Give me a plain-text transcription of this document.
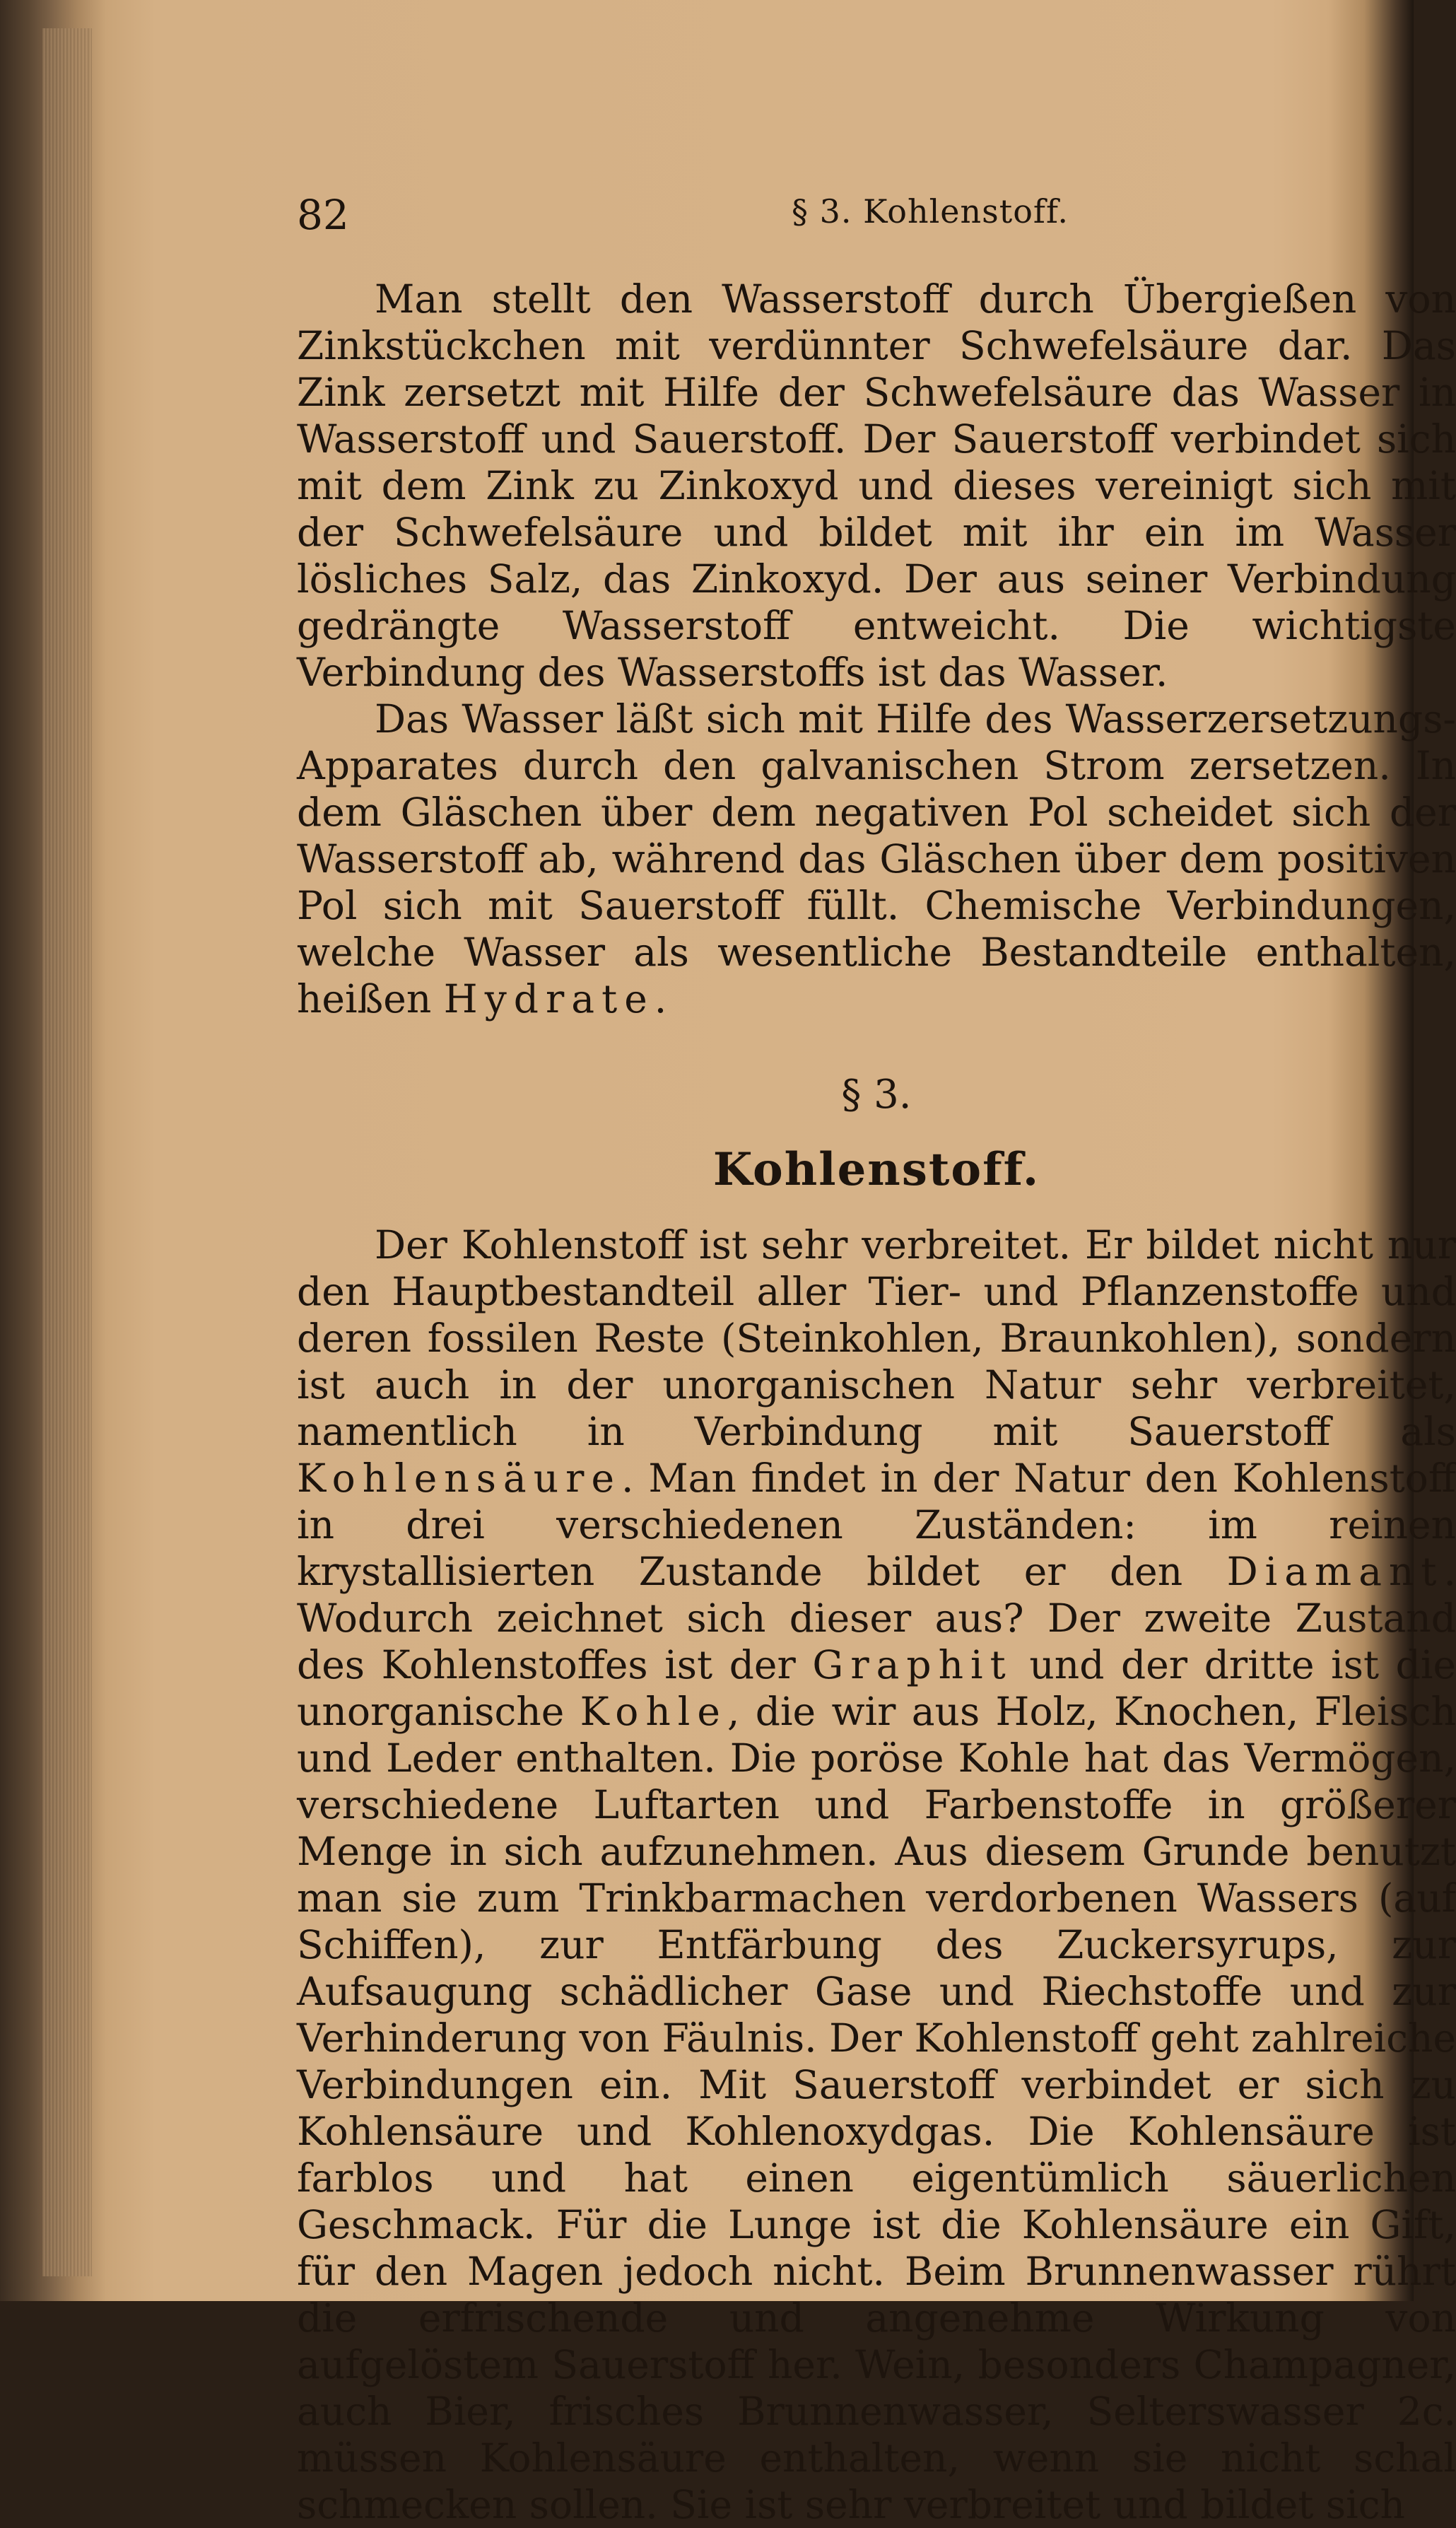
82	§ 3. Kohlenstoff.

Man stellt den Wasserstoff durch Übergießen von Zinkstückchen mit verdünnter Schwefelsäure dar. Das Zink zersetzt mit Hilfe der Schwefelsäure das Wasser in Wasserstoff und Sauerstoff. Der Sauerstoff verbindet sich mit dem Zink zu Zinkoxyd und dieses vereinigt sich mit der Schwefelsäure und bildet mit ihr ein im Wasser lösliches Salz, das Zinkoxyd. Der aus seiner Verbindung gedrängte Wasserstoff entweicht. Die wichtigste Verbindung des Wasserstoffs ist das Wasser.

Das Wasser läßt sich mit Hilfe des Wasserzersetzungs-Apparates durch den galvanischen Strom zersetzen. In dem Gläschen über dem negativen Pol scheidet sich der Wasserstoff ab, während das Gläschen über dem positiven Pol sich mit Sauerstoff füllt. Chemische Verbindungen, welche Wasser als wesentliche Bestandteile enthalten, heißen Hydrate.

§ 3.
Kohlenstoff.

Der Kohlenstoff ist sehr verbreitet. Er bildet nicht nur den Hauptbestandteil aller Tier- und Pflanzenstoffe und deren fossilen Reste (Steinkohlen, Braunkohlen), sondern ist auch in der unorganischen Natur sehr verbreitet, namentlich in Verbindung mit Sauerstoff als Kohlensäure. Man findet in der Natur den Kohlenstoff in drei verschiedenen Zuständen: im reinen krystallisierten Zustande bildet er den Diamant. Wodurch zeichnet sich dieser aus? Der zweite Zustand des Kohlenstoffes ist der Graphit und der dritte ist die unorganische Kohle, die wir aus Holz, Knochen, Fleisch und Leder enthalten. Die poröse Kohle hat das Vermögen, verschiedene Luftarten und Farbenstoffe in größerer Menge in sich aufzunehmen. Aus diesem Grunde benutzt man sie zum Trinkbarmachen verdorbenen Wassers (auf Schiffen), zur Entfärbung des Zuckersyrups, zur Aufsaugung schädlicher Gase und Riechstoffe und zur Verhinderung von Fäulnis. Der Kohlenstoff geht zahlreiche Verbindungen ein. Mit Sauerstoff verbindet er sich zu Kohlensäure und Kohlenoxydgas. Die Kohlensäure ist farblos und hat einen eigentümlich säuerlichen Geschmack. Für die Lunge ist die Kohlensäure ein Gift, für den Magen jedoch nicht. Beim Brunnenwasser rührt die erfrischende und angenehme Wirkung von aufgelöstem Sauerstoff her. Wein, besonders Champagner, auch Bier, frisches Brunnenwasser, Selterswasser 2c. müssen Kohlensäure enthalten, wenn sie nicht schal schmecken sollen. Sie ist sehr verbreitet und bildet sich
